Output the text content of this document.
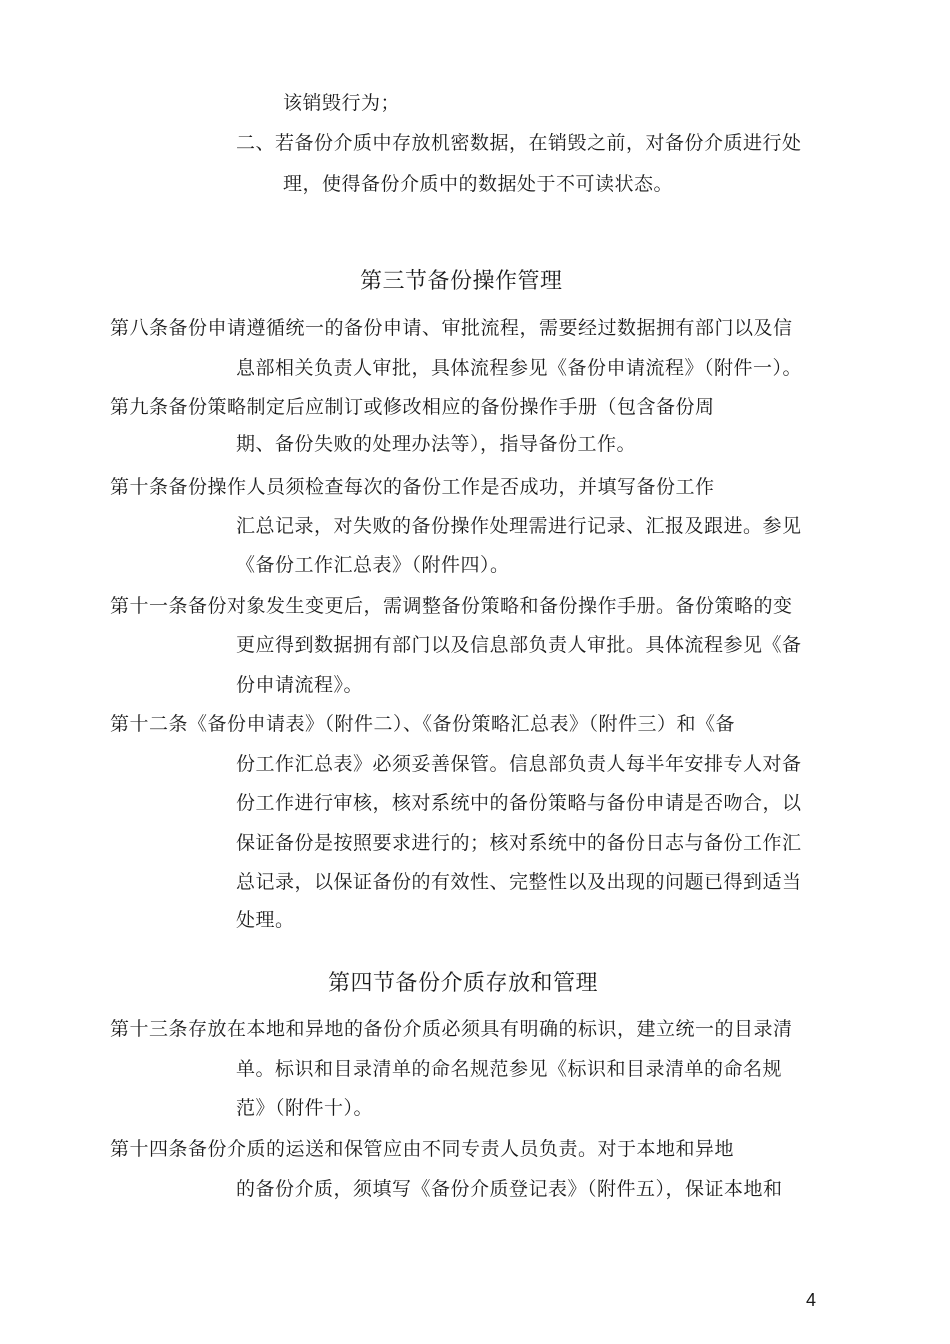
该销毁行为；
二、若备份介质中存放机密数据，在销毁之前，对备份介质进行处
理，使得备份介质中的数据处于不可读状态。
第三节备份操作管理
第八条备份申请遵循统一的备份申请、审批流程，需要经过数据拥有部门以及信
息部相关负责人审批，具体流程参见《备份申请流程》（附件一）。
第九条备份策略制定后应制订或修改相应的备份操作手册（包含备份周
期、备份失败的处理办法等），指导备份工作。
第十条备份操作人员须检查每次的备份工作是否成功，并填写备份工作
汇总记录，对失败的备份操作处理需进行记录、汇报及跟进。参见
《备份工作汇总表》（附件四）。
第十一条备份对象发生变更后，需调整备份策略和备份操作手册。备份策略的变
更应得到数据拥有部门以及信息部负责人审批。具体流程参见《备
份申请流程》。
第十二条《备份申请表》（附件二）、《备份策略汇总表》（附件三）和《备
份工作汇总表》必须妥善保管。信息部负责人每半年安排专人对备
份工作进行审核，核对系统中的备份策略与备份申请是否吻合，以
保证备份是按照要求进行的；核对系统中的备份日志与备份工作汇
总记录，以保证备份的有效性、完整性以及出现的问题已得到适当
处理。
第四节备份介质存放和管理
第十三条存放在本地和异地的备份介质必须具有明确的标识，建立统一的目录清
单。标识和目录清单的命名规范参见《标识和目录清单的命名规
范》（附件十）。
第十四条备份介质的运送和保管应由不同专责人员负责。对于本地和异地
的备份介质，须填写《备份介质登记表》（附件五），保证本地和
4
